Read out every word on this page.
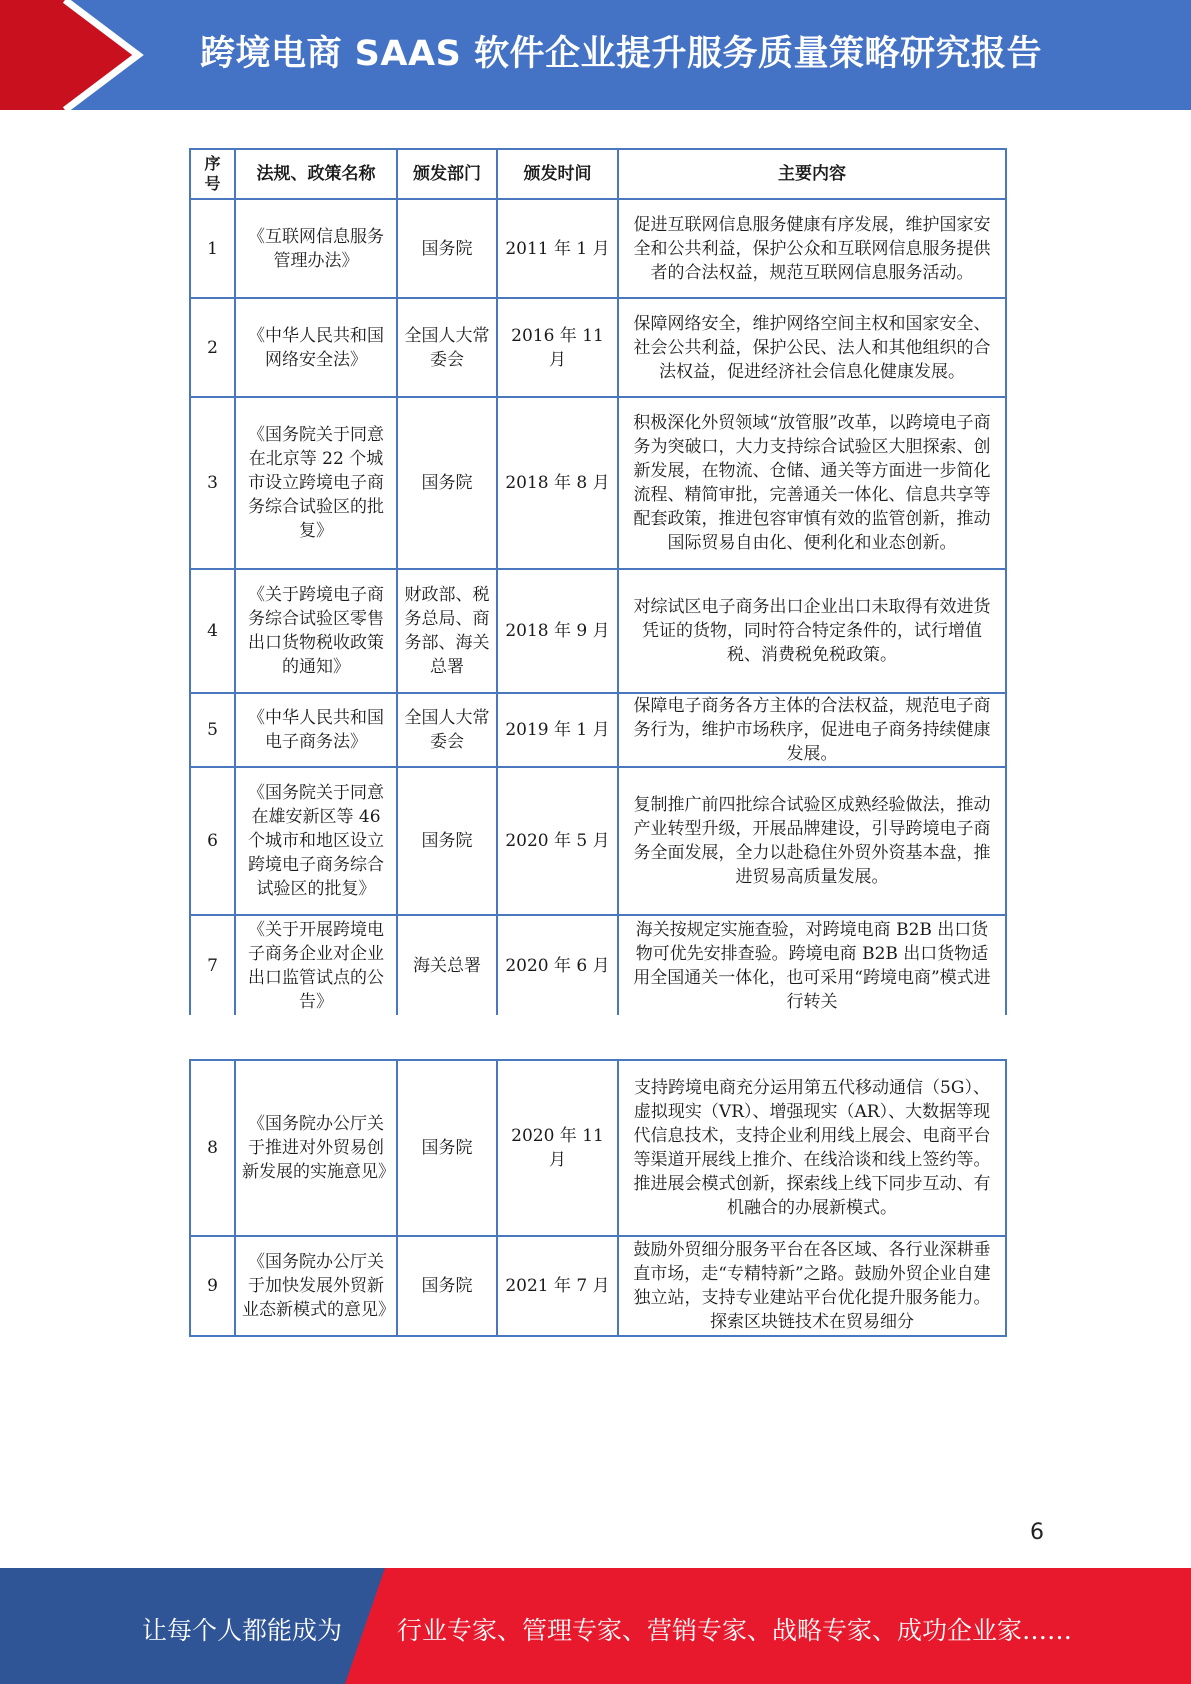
跨境电商 SAAS 软件企业提升服务质量策略研究报告
序号	法规、政策名称	颁发部门	颁发时间	主要内容
1	《互联网信息服务管理办法》	国务院	2011 年 1 月	促进互联网信息服务健康有序发展，维护国家安全和公共利益，保护公众和互联网信息服务提供者的合法权益，规范互联网信息服务活动。
2	《中华人民共和国网络安全法》	全国人大常委会	2016 年 11 月	保障网络安全，维护网络空间主权和国家安全、社会公共利益，保护公民、法人和其他组织的合法权益，促进经济社会信息化健康发展。
3	《国务院关于同意在北京等 22 个城市设立跨境电子商务综合试验区的批复》	国务院	2018 年 8 月	积极深化外贸领域“放管服”改革，以跨境电子商务为突破口，大力支持综合试验区大胆探索、创新发展，在物流、仓储、通关等方面进一步简化流程、精简审批，完善通关一体化、信息共享等配套政策，推进包容审慎有效的监管创新，推动国际贸易自由化、便利化和业态创新。
4	《关于跨境电子商务综合试验区零售出口货物税收政策的通知》	财政部、税务总局、商务部、海关总署	2018 年 9 月	对综试区电子商务出口企业出口未取得有效进货凭证的货物，同时符合特定条件的，试行增值税、消费税免税政策。
5	《中华人民共和国电子商务法》	全国人大常委会	2019 年 1 月	保障电子商务各方主体的合法权益，规范电子商务行为，维护市场秩序，促进电子商务持续健康发展。
6	《国务院关于同意在雄安新区等 46 个城市和地区设立跨境电子商务综合试验区的批复》	国务院	2020 年 5 月	复制推广前四批综合试验区成熟经验做法，推动产业转型升级，开展品牌建设，引导跨境电子商务全面发展，全力以赴稳住外贸外资基本盘，推进贸易高质量发展。
7	《关于开展跨境电子商务企业对企业出口监管试点的公告》	海关总署	2020 年 6 月	海关按规定实施查验，对跨境电商 B2B 出口货物可优先安排查验。跨境电商 B2B 出口货物适用全国通关一体化，也可采用“跨境电商”模式进行转关
8	《国务院办公厅关于推进对外贸易创新发展的实施意见》	国务院	2020 年 11 月	支持跨境电商充分运用第五代移动通信（5G）、虚拟现实（VR）、增强现实（AR）、大数据等现代信息技术，支持企业利用线上展会、电商平台等渠道开展线上推介、在线洽谈和线上签约等。推进展会模式创新，探索线上线下同步互动、有机融合的办展新模式。
9	《国务院办公厅关于加快发展外贸新业态新模式的意见》	国务院	2021 年 7 月	鼓励外贸细分服务平台在各区域、各行业深耕垂直市场，走“专精特新”之路。鼓励外贸企业自建独立站，支持专业建站平台优化提升服务能力。探索区块链技术在贸易细分
6
让每个人都能成为 行业专家、管理专家、营销专家、战略专家、成功企业家……
